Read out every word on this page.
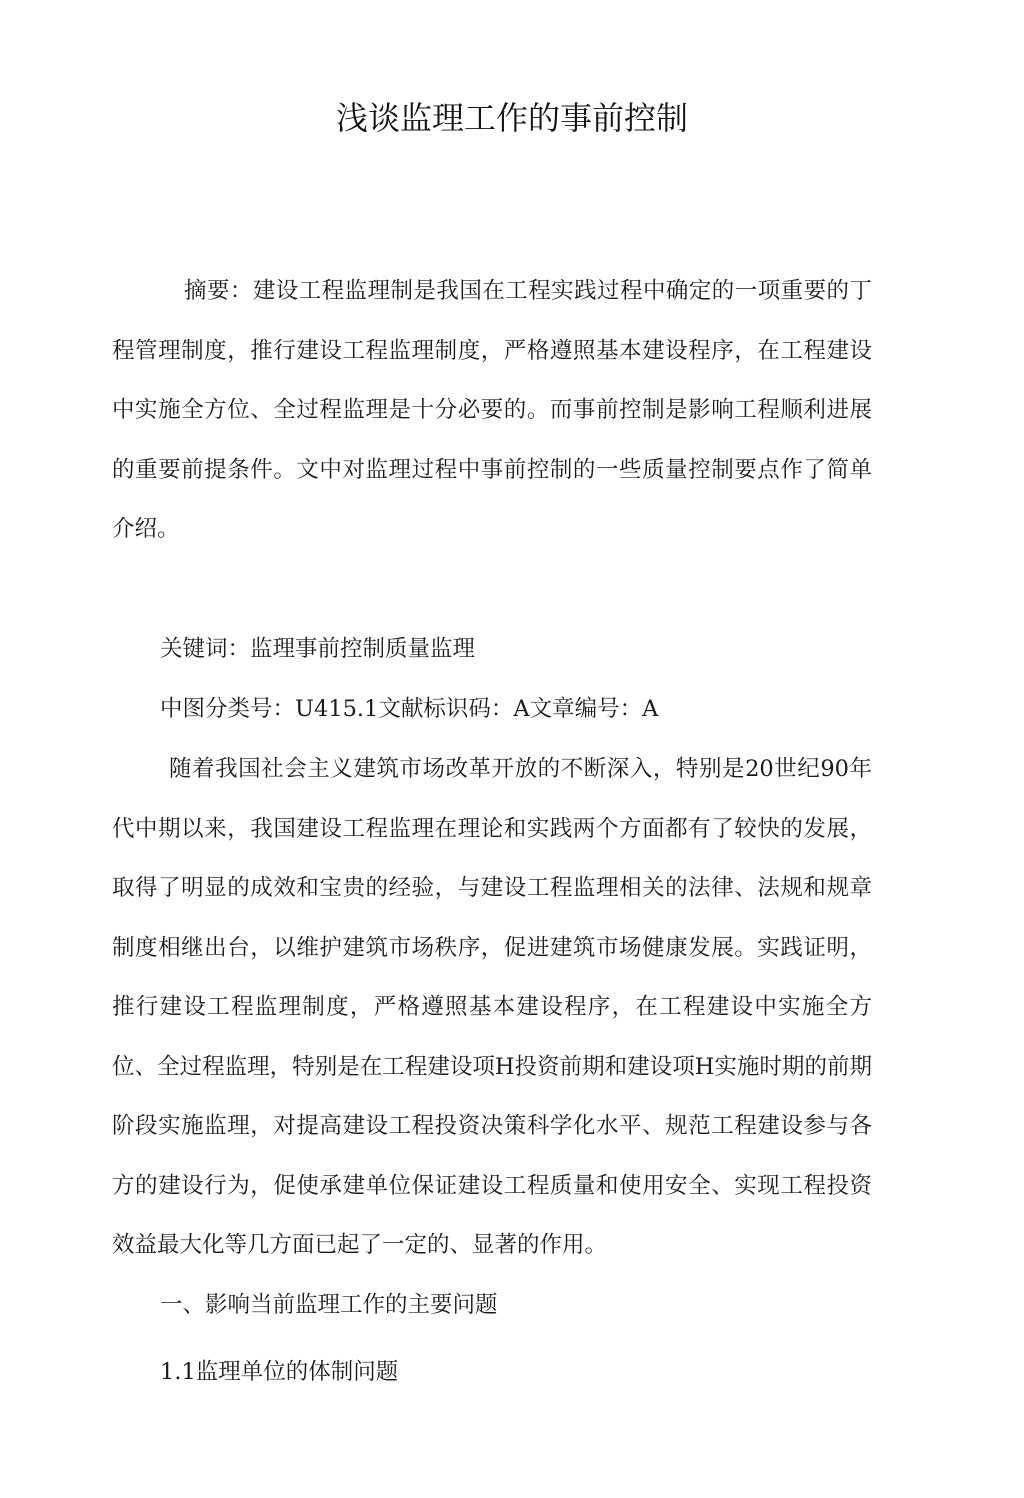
浅谈监理工作的事前控制

摘要：建设工程监理制是我国在工程实践过程中确定的一项重要的丁程管理制度，推行建设工程监理制度，严格遵照基本建设程序，在工程建设中实施全方位、全过程监理是十分必要的。而事前控制是影响工程顺利进展的重要前提条件。文中对监理过程中事前控制的一些质量控制要点作了简单介绍。

关键词：监理事前控制质量监理

中图分类号：U415.1文献标识码：A文章编号：A

随着我国社会主义建筑市场改革开放的不断深入，特别是20世纪90年代中期以来，我国建设工程监理在理论和实践两个方面都有了较快的发展，取得了明显的成效和宝贵的经验，与建设工程监理相关的法律、法规和规章制度相继出台，以维护建筑市场秩序，促进建筑市场健康发展。实践证明，推行建设工程监理制度，严格遵照基本建设程序，在工程建设中实施全方位、全过程监理，特别是在工程建设项H投资前期和建设项H实施时期的前期阶段实施监理，对提高建设工程投资决策科学化水平、规范工程建设参与各方的建设行为，促使承建单位保证建设工程质量和使用安全、实现工程投资效益最大化等几方面已起了一定的、显著的作用。

一、影响当前监理工作的主要问题

1.1监理单位的体制问题
